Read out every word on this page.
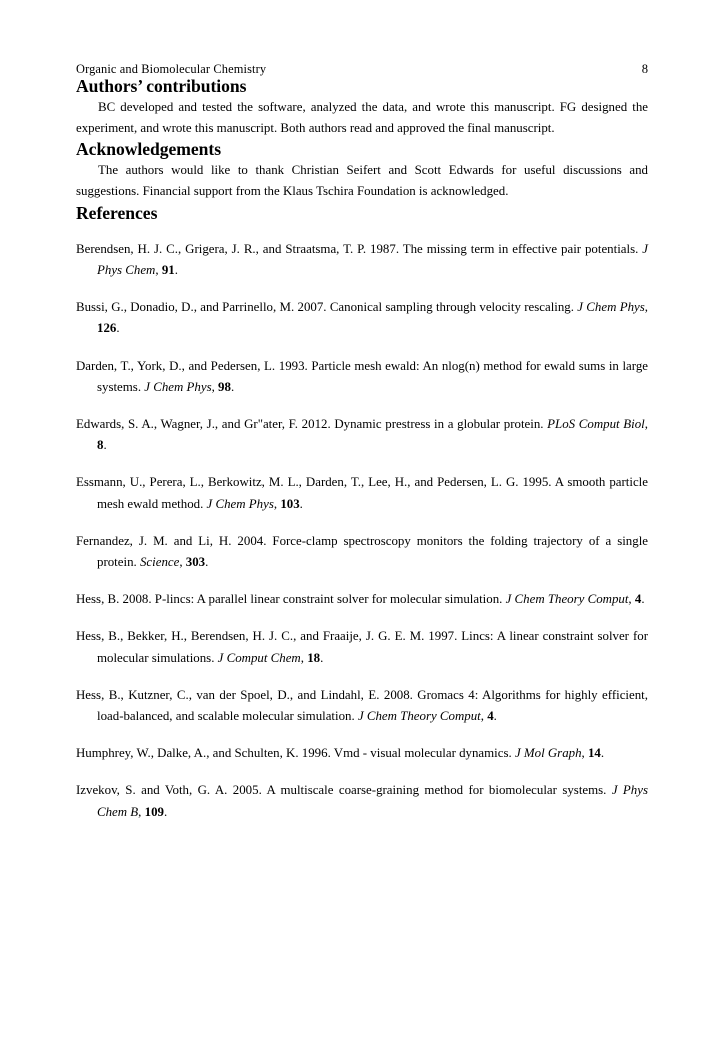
Organic and Biomolecular Chemistry	8
Authors’ contributions

BC developed and tested the software, analyzed the data, and wrote this manuscript. FG designed the experiment, and wrote this manuscript. Both authors read and approved the final manuscript.

Acknowledgements

The authors would like to thank Christian Seifert and Scott Edwards for useful discussions and suggestions. Financial support from the Klaus Tschira Foundation is acknowledged.

References

Berendsen, H. J. C., Grigera, J. R., and Straatsma, T. P. 1987. The missing term in effective pair potentials. J Phys Chem, 91.

Bussi, G., Donadio, D., and Parrinello, M. 2007. Canonical sampling through velocity rescaling. J Chem Phys, 126.

Darden, T., York, D., and Pedersen, L. 1993. Particle mesh ewald: An nlog(n) method for ewald sums in large systems. J Chem Phys, 98.

Edwards, S. A., Wagner, J., and Gr"ater, F. 2012. Dynamic prestress in a globular protein. PLoS Comput Biol, 8.

Essmann, U., Perera, L., Berkowitz, M. L., Darden, T., Lee, H., and Pedersen, L. G. 1995. A smooth particle mesh ewald method. J Chem Phys, 103.

Fernandez, J. M. and Li, H. 2004. Force-clamp spectroscopy monitors the folding trajectory of a single protein. Science, 303.

Hess, B. 2008. P-lincs: A parallel linear constraint solver for molecular simulation. J Chem Theory Comput, 4.

Hess, B., Bekker, H., Berendsen, H. J. C., and Fraaije, J. G. E. M. 1997. Lincs: A linear constraint solver for molecular simulations. J Comput Chem, 18.

Hess, B., Kutzner, C., van der Spoel, D., and Lindahl, E. 2008. Gromacs 4: Algorithms for highly efficient, load-balanced, and scalable molecular simulation. J Chem Theory Comput, 4.

Humphrey, W., Dalke, A., and Schulten, K. 1996. Vmd - visual molecular dynamics. J Mol Graph, 14.

Izvekov, S. and Voth, G. A. 2005. A multiscale coarse-graining method for biomolecular systems. J Phys Chem B, 109.
